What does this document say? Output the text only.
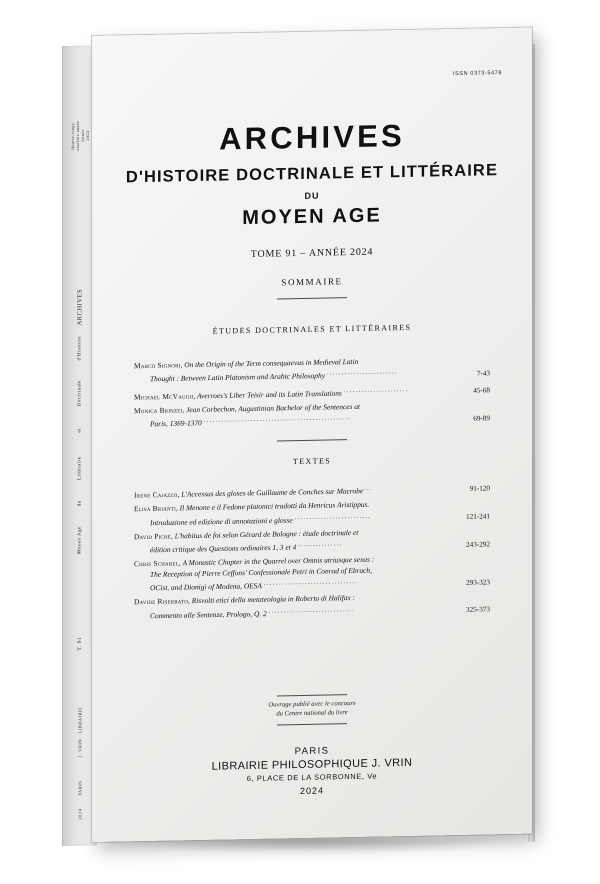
Quatre-vingt-
onzième année
Année
2024
ARCHIVES
d'Histoire
Doctrinale
et
Littéraire
du
Moyen Age
T. 91
LIBRAIRIE
J. VRIN
PARIS
2024
ISSN 0373-5478
ARCHIVES
D'HISTOIRE DOCTRINALE ET LITTÉRAIRE
DU
MOYEN AGE
TOME 91 – ANNÉE 2024
SOMMAIRE
ÉTUDES DOCTRINALES ET LITTÉRAIRES
Marco Signori, On the Origin of the Term consequaevus in Medieval Latin
Thought : Between Latin Platonism and Arabic Philosophy ........................	7-43
Michael McVaugh, Averroes's Liber Teisir and its Latin Translations ......................	45-68
Monica Brinzei, Jean Corbechon, Augustinian Bachelor of the Sentences at
Paris, 1369-1370 ..................................................	69-89
TEXTES
Irene Caiazzo, L'Accessus des gloses de Guillaume de Conches sur Macrobe...	91-120
Elisa Brianti, Il Menone e il Fedone platonici tradotti da Henricus Aristippus.
Introduzione ed edizione di annotazioni e glosse ..........................	121-241
David Piché, L'habitus de foi selon Gérard de Bologne : étude doctrinale et
édition critique des Questions ordinaires 1, 3 et 4 ...............	243-292
Chris Schabel, A Monastic Chapter in the Quarrel over Omnis utriusque sexus :
The Reception of Pierre Ceffons' Confessionale Petri in Conrad of Ebrach,
OCist, and Dionigi of Modena, OESA ................................	293-323
Davide Riserbato, Risvolti etici della metateologia in Roberto di Halifax :
Commento alle Sentenze, Prologo, Q. 2 .............................	325-373
Ouvrage publié avec le concours
du Centre national du livre
PARIS
LIBRAIRIE PHILOSOPHIQUE J. VRIN
6, PLACE DE LA SORBONNE, Ve
2024
